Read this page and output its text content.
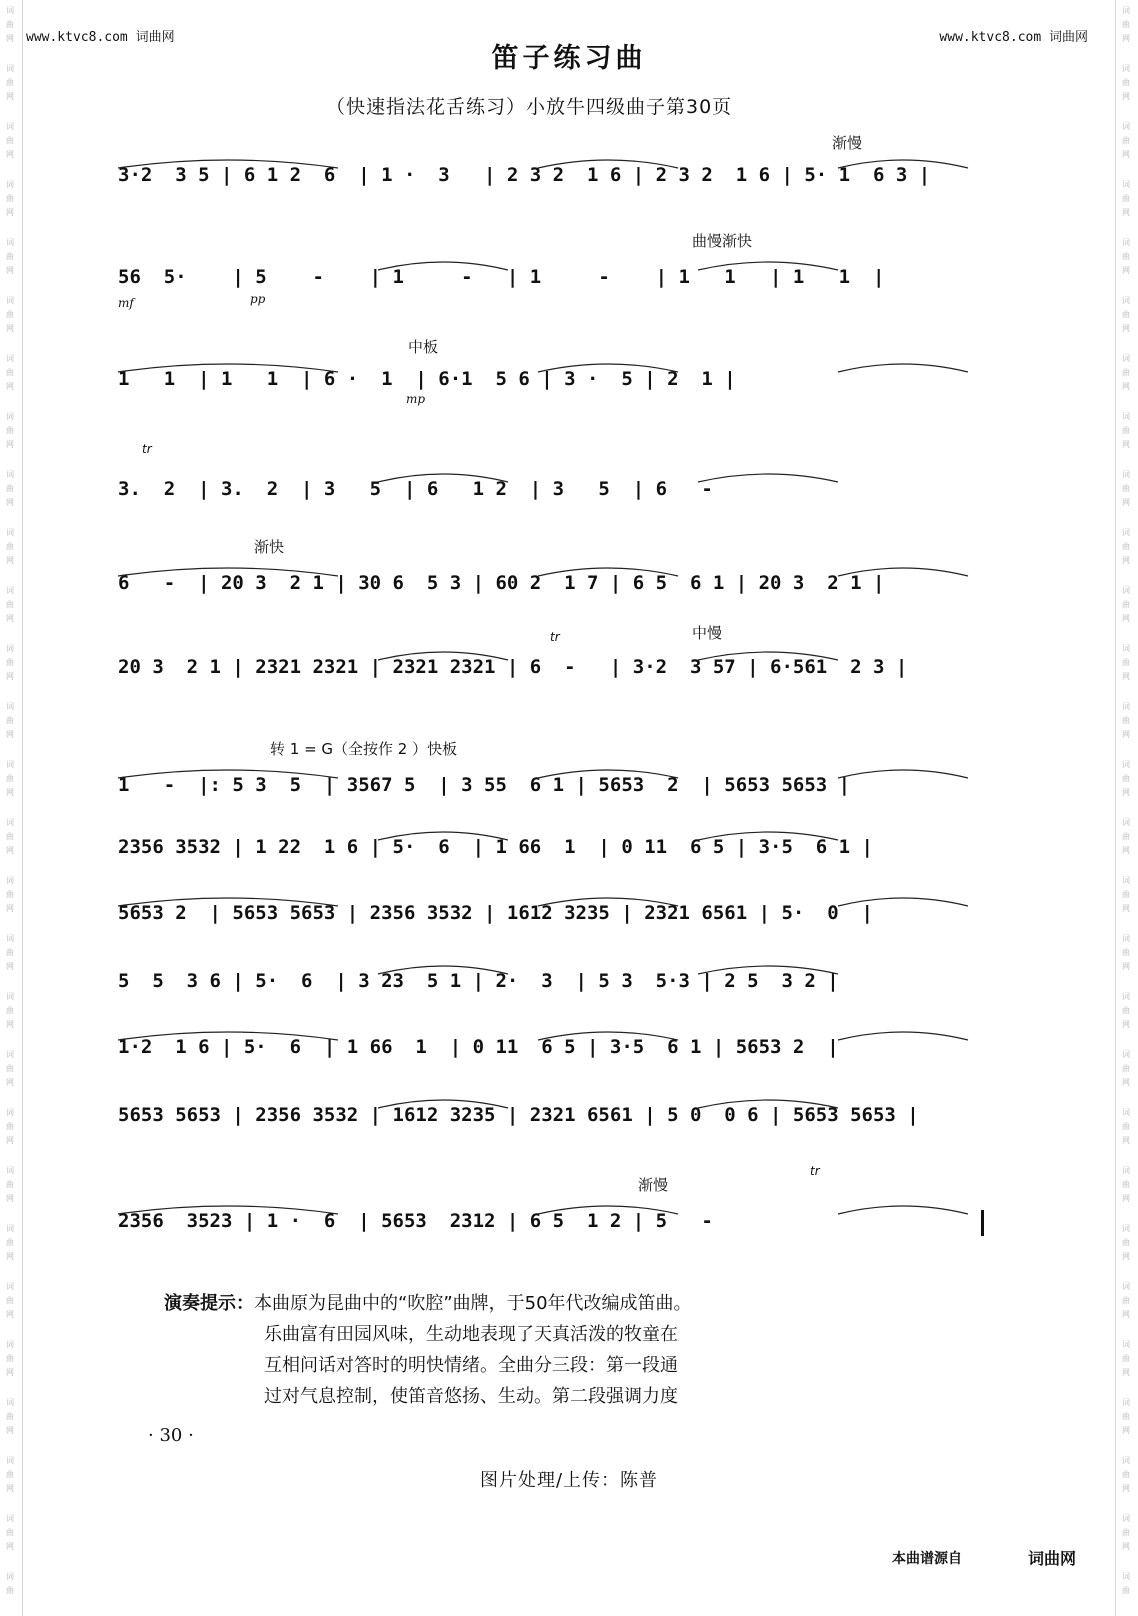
词
曲
网
词
曲
网
词
曲
网
词
曲
网
词
曲
网
词
曲
网
词
曲
网
词
曲
网
词
曲
网
词
曲
网
词
曲
网
词
曲
网
词
曲
网
词
曲
网
词
曲
网
词
曲
网
词
曲
网
词
曲
网
词
曲
网
词
曲
网
词
曲
网
词
曲
网
词
曲
网
词
曲
网
词
曲
网
词
曲
网
词
曲
网
词
曲
词
曲
网
词
曲
网
词
曲
网
词
曲
网
词
曲
网
词
曲
网
词
曲
网
词
曲
网
词
曲
网
词
曲
网
词
曲
网
词
曲
网
词
曲
网
词
曲
网
词
曲
网
词
曲
网
词
曲
网
词
曲
网
词
曲
网
词
曲
网
词
曲
网
词
曲
网
词
曲
网
词
曲
网
词
曲
网
词
曲
网
词
曲
网
词
曲
www.ktvc8.com 词曲网	www.ktvc8.com 词曲网
笛子练习曲
（快速指法花舌练习）小放牛四级曲子第30页
3·2  3 5 | 6 1 2  6  | 1 ·  3   | 2 3 2  1 6 | 2 3 2  1 6 | 5· 1  6 3 |
渐慢
56  5·    | 5    -    | 1     -   | 1     -    | 1   1   | 1   1  |
曲慢渐快
mf	pp
1   1  | 1   1  | 6 ·  1  | 6·1  5 6 | 3 ·  5 | 2  1 |
中板
mp
3.  2  | 3.  2  | 3   5  | 6   1 2  | 3   5  | 6   -
tr
6   -  | 20 3  2 1 | 30 6  5 3 | 60 2  1 7 | 6 5  6 1 | 20 3  2 1 |
渐快
20 3  2 1 | 2321 2321 | 2321 2321 | 6  -   | 3·2  3 57 | 6·561  2 3 |
中慢
tr
1   -  |: 5 3  5  | 3567 5  | 3 55  6 1 | 5653  2  | 5653 5653 |
转 1 = G（全按作 2 ）快板
2356 3532 | 1 22  1 6 | 5·  6  | 1 66  1  | 0 11  6 5 | 3·5  6 1 |
5653 2  | 5653 5653 | 2356 3532 | 1612 3235 | 2321 6561 | 5·  0  |
5  5  3 6 | 5·  6  | 3 23  5 1 | 2·  3  | 5 3  5·3 | 2 5  3 2 |
1·2  1 6 | 5·  6  | 1 66  1  | 0 11  6 5 | 3·5  6 1 | 5653 2  |
5653 5653 | 2356 3532 | 1612 3235 | 2321 6561 | 5 0  0 6 | 5653 5653 |
2356  3523 | 1 ·  6  | 5653  2312 | 6 5  1 2 | 5   -
渐慢
tr
演奏提示：本曲原为昆曲中的“吹腔”曲牌，于50年代改编成笛曲。
乐曲富有田园风味，生动地表现了天真活泼的牧童在
互相问话对答时的明快情绪。全曲分三段：第一段通
过对气息控制，使笛音悠扬、生动。第二段强调力度
· 30 ·
图片处理/上传：陈普
本曲谱源自	词曲网
